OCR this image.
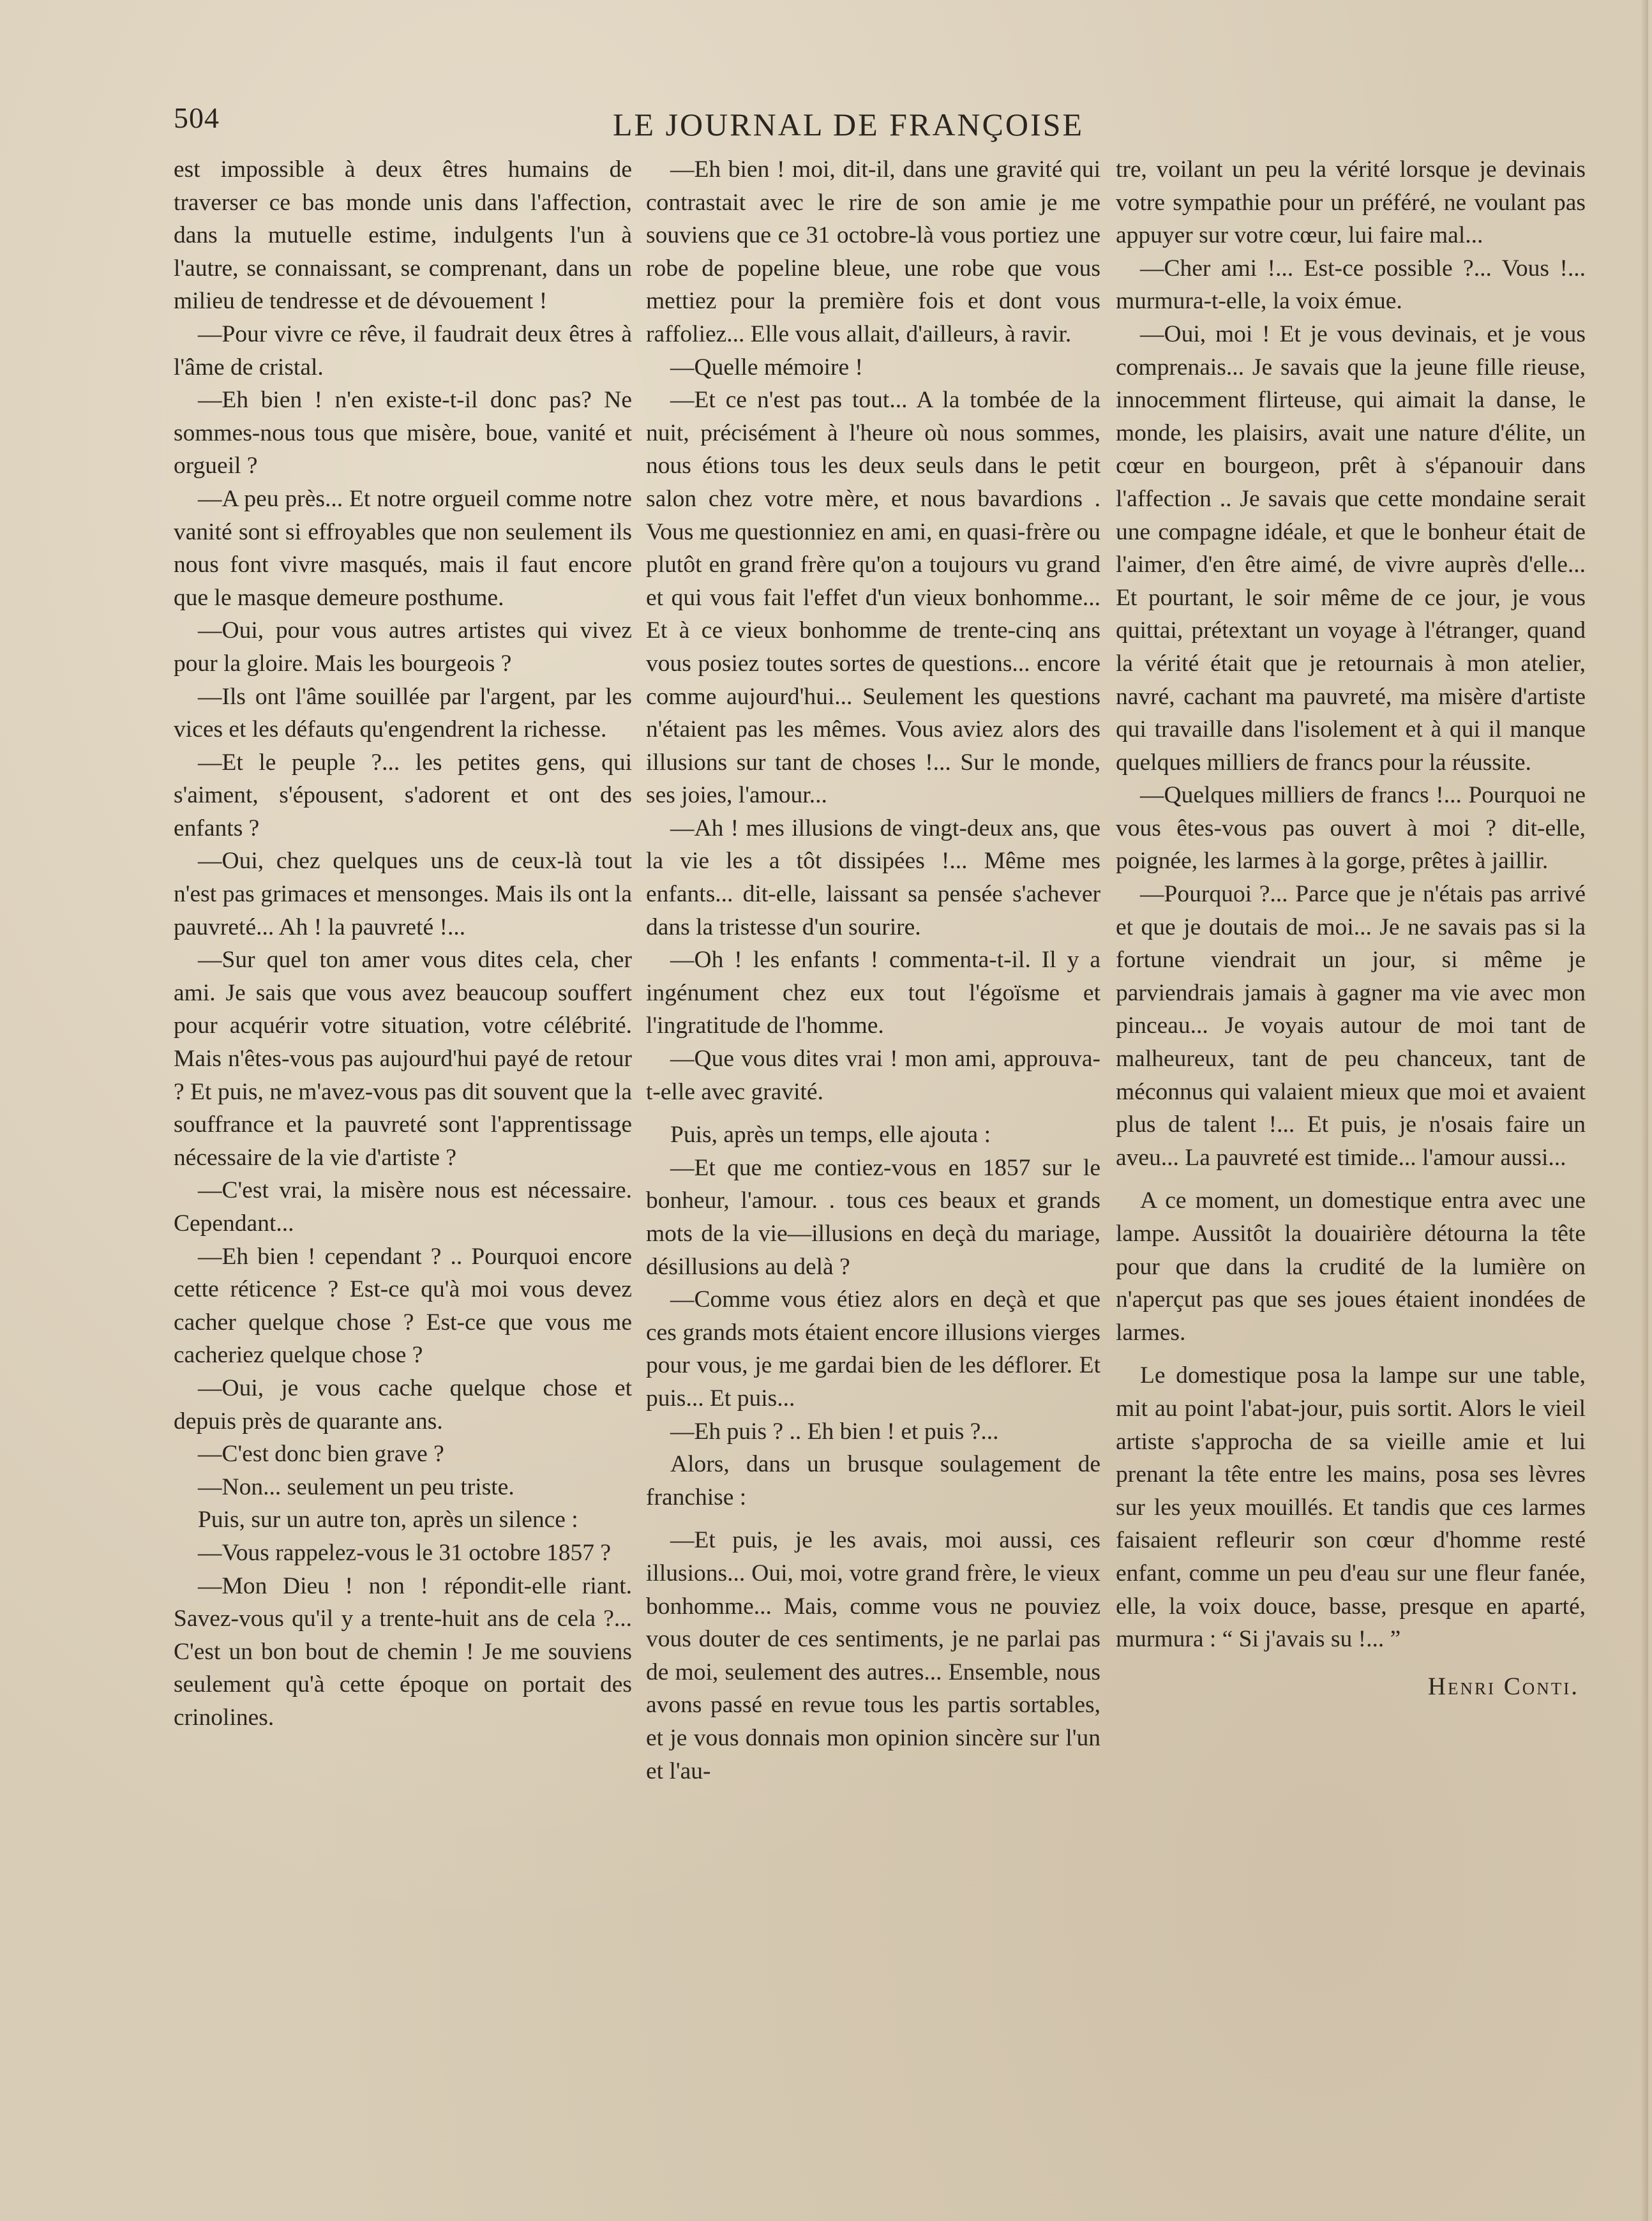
504	LE JOURNAL DE FRANÇOISE

est impossible à deux êtres humains de traverser ce bas monde unis dans l'affection, dans la mutuelle estime, indulgents l'un à l'autre, se connaissant, se comprenant, dans un milieu de tendresse et de dévouement !

—Pour vivre ce rêve, il faudrait deux êtres à l'âme de cristal.

—Eh bien ! n'en existe-t-il donc pas? Ne sommes-nous tous que misère, boue, vanité et orgueil ?

—A peu près... Et notre orgueil comme notre vanité sont si effroyables que non seulement ils nous font vivre masqués, mais il faut encore que le masque demeure posthume.

—Oui, pour vous autres artistes qui vivez pour la gloire. Mais les bourgeois ?

—Ils ont l'âme souillée par l'argent, par les vices et les défauts qu'engendrent la richesse.

—Et le peuple ?... les petites gens, qui s'aiment, s'épousent, s'adorent et ont des enfants ?

—Oui, chez quelques uns de ceux-là tout n'est pas grimaces et mensonges. Mais ils ont la pauvreté... Ah ! la pauvreté !...

—Sur quel ton amer vous dites cela, cher ami. Je sais que vous avez beaucoup souffert pour acquérir votre situation, votre célébrité. Mais n'êtes-vous pas aujourd'hui payé de retour ? Et puis, ne m'avez-vous pas dit souvent que la souffrance et la pauvreté sont l'apprentissage nécessaire de la vie d'artiste ?

—C'est vrai, la misère nous est nécessaire. Cependant...

—Eh bien ! cependant ? .. Pourquoi encore cette réticence ? Est-ce qu'à moi vous devez cacher quelque chose ? Est-ce que vous me cacheriez quelque chose ?

—Oui, je vous cache quelque chose et depuis près de quarante ans.

—C'est donc bien grave ?

—Non... seulement un peu triste.

Puis, sur un autre ton, après un silence :

—Vous rappelez-vous le 31 octobre 1857 ?

—Mon Dieu ! non ! répondit-elle riant. Savez-vous qu'il y a trente-huit ans de cela ?... C'est un bon bout de chemin ! Je me souviens seulement qu'à cette époque on portait des crinolines.

—Eh bien ! moi, dit-il, dans une gravité qui contrastait avec le rire de son amie je me souviens que ce 31 octobre-là vous portiez une robe de popeline bleue, une robe que vous mettiez pour la première fois et dont vous raffoliez... Elle vous allait, d'ailleurs, à ravir.

—Quelle mémoire !

—Et ce n'est pas tout... A la tombée de la nuit, précisément à l'heure où nous sommes, nous étions tous les deux seuls dans le petit salon chez votre mère, et nous bavardions . Vous me questionniez en ami, en quasi-frère ou plutôt en grand frère qu'on a toujours vu grand et qui vous fait l'effet d'un vieux bonhomme... Et à ce vieux bonhomme de trente-cinq ans vous posiez toutes sortes de questions... encore comme aujourd'hui... Seulement les questions n'étaient pas les mêmes. Vous aviez alors des illusions sur tant de choses !... Sur le monde, ses joies, l'amour...

—Ah ! mes illusions de vingt-deux ans, que la vie les a tôt dissipées !... Même mes enfants... dit-elle, laissant sa pensée s'achever dans la tristesse d'un sourire.

—Oh ! les enfants ! commenta-t-il. Il y a ingénument chez eux tout l'égoïsme et l'ingratitude de l'homme.

—Que vous dites vrai ! mon ami, approuva-t-elle avec gravité.

Puis, après un temps, elle ajouta :

—Et que me contiez-vous en 1857 sur le bonheur, l'amour. . tous ces beaux et grands mots de la vie—illusions en deçà du mariage, désillusions au delà ?

—Comme vous étiez alors en deçà et que ces grands mots étaient encore illusions vierges pour vous, je me gardai bien de les déflorer. Et puis... Et puis...

—Eh puis ? .. Eh bien ! et puis ?...

Alors, dans un brusque soulagement de franchise :

—Et puis, je les avais, moi aussi, ces illusions... Oui, moi, votre grand frère, le vieux bonhomme... Mais, comme vous ne pouviez vous douter de ces sentiments, je ne parlai pas de moi, seulement des autres... Ensemble, nous avons passé en revue tous les partis sortables, et je vous donnais mon opinion sincère sur l'un et l'au-

tre, voilant un peu la vérité lorsque je devinais votre sympathie pour un préféré, ne voulant pas appuyer sur votre cœur, lui faire mal...

—Cher ami !... Est-ce possible ?... Vous !... murmura-t-elle, la voix émue.

—Oui, moi ! Et je vous devinais, et je vous comprenais... Je savais que la jeune fille rieuse, innocemment flirteuse, qui aimait la danse, le monde, les plaisirs, avait une nature d'élite, un cœur en bourgeon, prêt à s'épanouir dans l'affection .. Je savais que cette mondaine serait une compagne idéale, et que le bonheur était de l'aimer, d'en être aimé, de vivre auprès d'elle... Et pourtant, le soir même de ce jour, je vous quittai, prétextant un voyage à l'étranger, quand la vérité était que je retournais à mon atelier, navré, cachant ma pauvreté, ma misère d'artiste qui travaille dans l'isolement et à qui il manque quelques milliers de francs pour la réussite.

—Quelques milliers de francs !... Pourquoi ne vous êtes-vous pas ouvert à moi ? dit-elle, poignée, les larmes à la gorge, prêtes à jaillir.

—Pourquoi ?... Parce que je n'étais pas arrivé et que je doutais de moi... Je ne savais pas si la fortune viendrait un jour, si même je parviendrais jamais à gagner ma vie avec mon pinceau... Je voyais autour de moi tant de malheureux, tant de peu chanceux, tant de méconnus qui valaient mieux que moi et avaient plus de talent !... Et puis, je n'osais faire un aveu... La pauvreté est timide... l'amour aussi...

A ce moment, un domestique entra avec une lampe. Aussitôt la douairière détourna la tête pour que dans la crudité de la lumière on n'aperçut pas que ses joues étaient inondées de larmes.

Le domestique posa la lampe sur une table, mit au point l'abat-jour, puis sortit. Alors le vieil artiste s'approcha de sa vieille amie et lui prenant la tête entre les mains, posa ses lèvres sur les yeux mouillés. Et tandis que ces larmes faisaient refleurir son cœur d'homme resté enfant, comme un peu d'eau sur une fleur fanée, elle, la voix douce, basse, presque en aparté, murmura : “ Si j'avais su !... ”

Henri Conti.
